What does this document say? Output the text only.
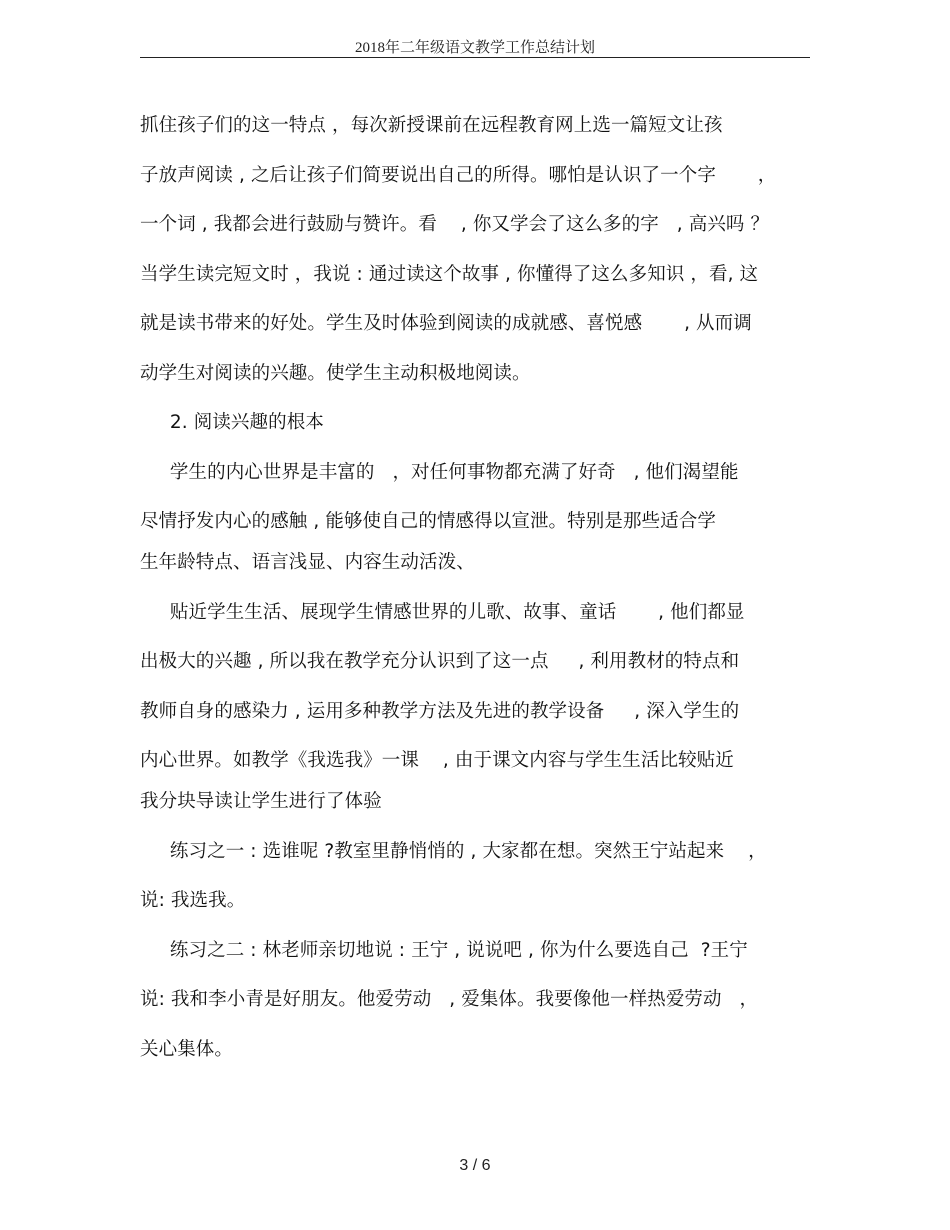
2018年二年级语文教学工作总结计划
抓住孩子们的这一特点 ，每次新授课前在远程教育网上选一篇短文让孩
子放声阅读 , 之后让孩子们简要说出自己的所得。哪怕是认识了一个字       ，
一个词 , 我都会进行鼓励与赞许。看    , 你又学会了这么多的字   , 高兴吗 ？
当学生读完短文时 ，我说 : 通过读这个故事 , 你懂得了这么多知识 ，看, 这
就是读书带来的好处。学生及时体验到阅读的成就感、喜悦感       , 从而调
动学生对阅读的兴趣。使学生主动积极地阅读。
2. 阅读兴趣的根本
学生的内心世界是丰富的   ，对任何事物都充满了好奇   , 他们渴望能
尽情抒发内心的感触 , 能够使自己的情感得以宣泄。特别是那些适合学
生年龄特点、语言浅显、内容生动活泼、
贴近学生生活、展现学生情感世界的儿歌、故事、童话       , 他们都显
出极大的兴趣 , 所以我在教学充分认识到了这一点     , 利用教材的特点和
教师自身的感染力 , 运用多种教学方法及先进的教学设备     , 深入学生的
内心世界。如教学《我选我》一课    , 由于课文内容与学生生活比较贴近
我分块导读让学生进行了体验
练习之一 : 选谁呢 ?教室里静悄悄的 , 大家都在想。突然王宁站起来    ，
说: 我选我。
练习之二 : 林老师亲切地说 : 王宁 , 说说吧 , 你为什么要选自己  ?王宁
说: 我和李小青是好朋友。他爱劳动   , 爱集体。我要像他一样热爱劳动   ，
关心集体。
3 / 6
